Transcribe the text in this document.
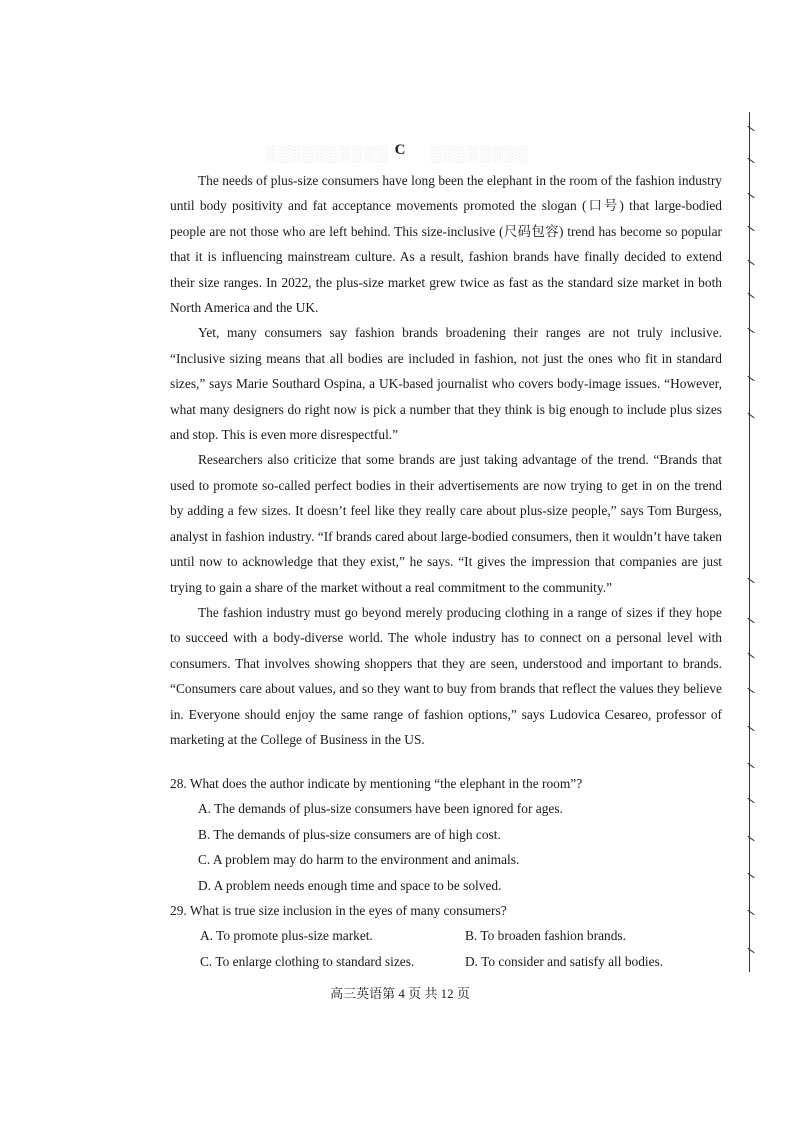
░░░░░░░░░░	░░░░░░░░
C

The needs of plus-size consumers have long been the elephant in the room of the fashion industry until body positivity and fat acceptance movements promoted the slogan (口号) that large-bodied people are not those who are left behind. This size-inclusive (尺码包容) trend has become so popular that it is influencing mainstream culture. As a result, fashion brands have finally decided to extend their size ranges. In 2022, the plus-size market grew twice as fast as the standard size market in both North America and the UK.

Yet, many consumers say fashion brands broadening their ranges are not truly inclusive. “Inclusive sizing means that all bodies are included in fashion, not just the ones who fit in standard sizes,” says Marie Southard Ospina, a UK-based journalist who covers body-image issues. “However, what many designers do right now is pick a number that they think is big enough to include plus sizes and stop. This is even more disrespectful.”

Researchers also criticize that some brands are just taking advantage of the trend. “Brands that used to promote so-called perfect bodies in their advertisements are now trying to get in on the trend by adding a few sizes. It doesn’t feel like they really care about plus-size people,” says Tom Burgess, analyst in fashion industry. “If brands cared about large-bodied consumers, then it wouldn’t have taken until now to acknowledge that they exist,” he says. “It gives the impression that companies are just trying to gain a share of the market without a real commitment to the community.”

The fashion industry must go beyond merely producing clothing in a range of sizes if they hope to succeed with a body-diverse world. The whole industry has to connect on a personal level with consumers. That involves showing shoppers that they are seen, understood and important to brands. “Consumers care about values, and so they want to buy from brands that reflect the values they believe in. Everyone should enjoy the same range of fashion options,” says Ludovica Cesareo, professor of marketing at the College of Business in the US.

28. What does the author indicate by mentioning “the elephant in the room”?

A. The demands of plus-size consumers have been ignored for ages.

B. The demands of plus-size consumers are of high cost.

C. A problem may do harm to the environment and animals.

D. A problem needs enough time and space to be solved.

29. What is true size inclusion in the eyes of many consumers?

A. To promote plus-size market.	B. To broaden fashion brands.

C. To enlarge clothing to standard sizes.	D. To consider and satisfy all bodies.

高三英语第 4 页 共 12 页
